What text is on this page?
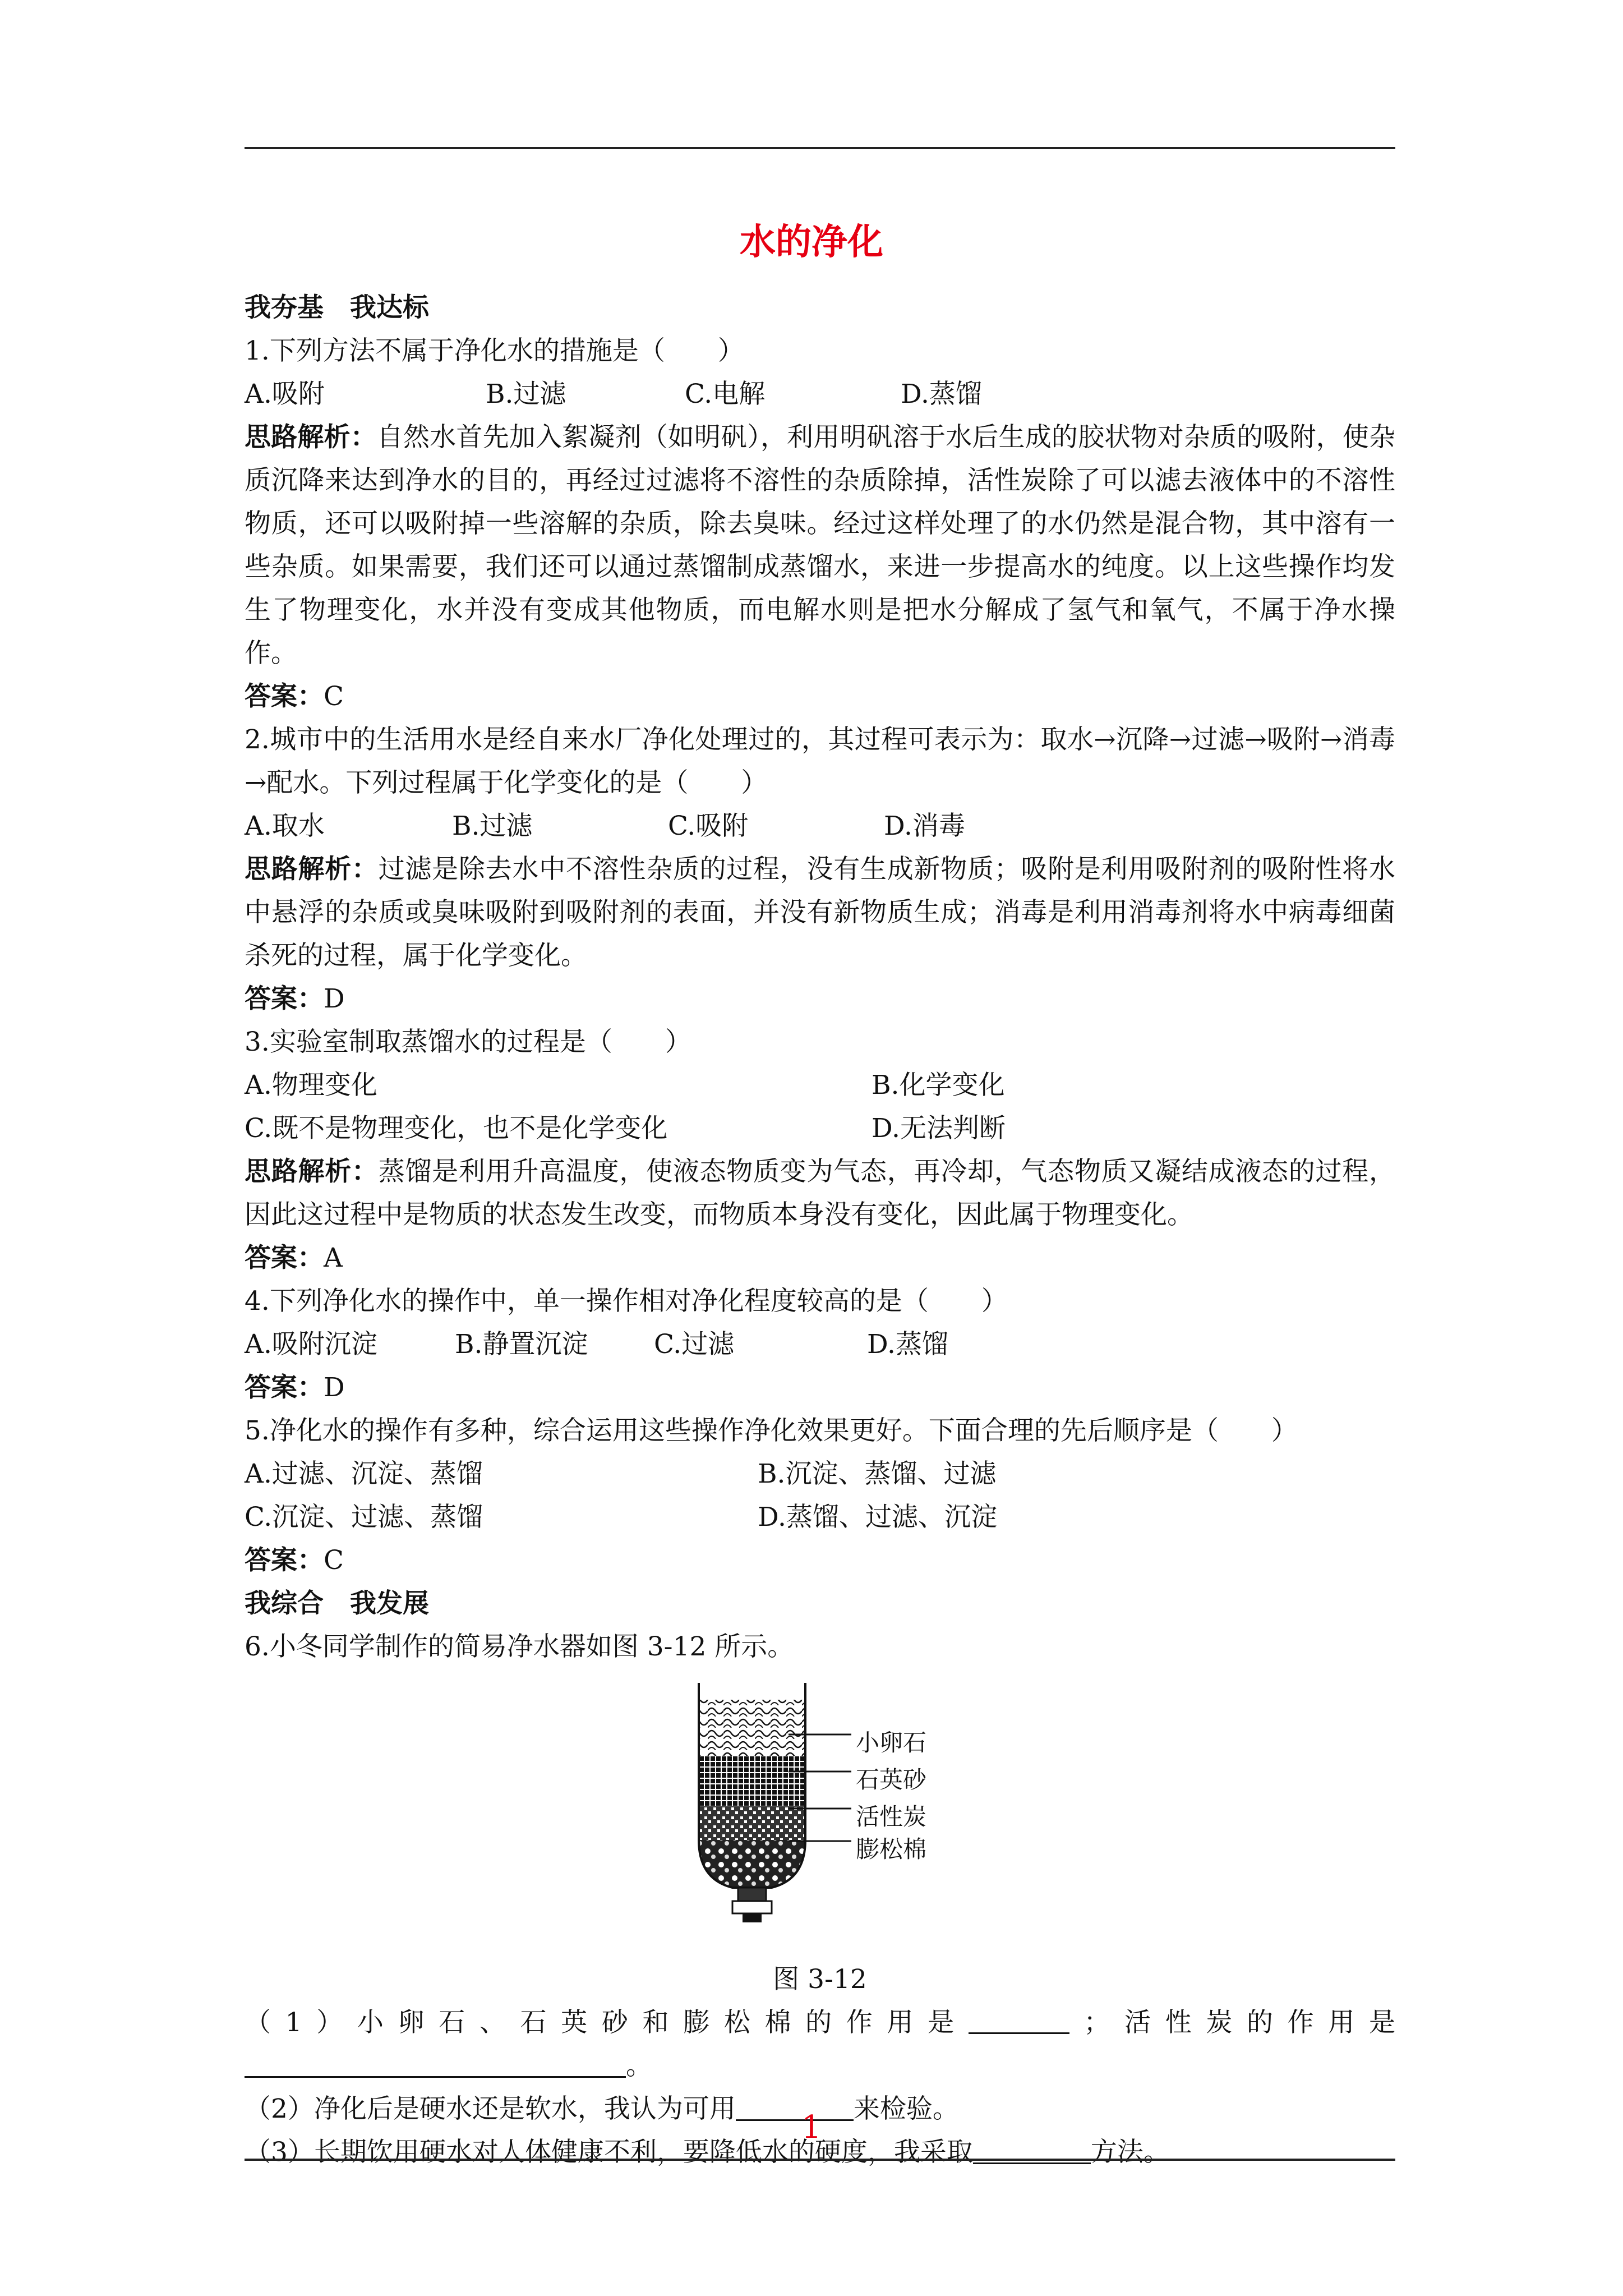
水的净化

我夯基　我达标

1.下列方法不属于净化水的措施是（　　）

A.吸附	B.过滤	C.电解	D.蒸馏

思路解析：自然水首先加入絮凝剂（如明矾），利用明矾溶于水后生成的胶状物对杂质的吸附，使杂质沉降来达到净水的目的，再经过过滤将不溶性的杂质除掉，活性炭除了可以滤去液体中的不溶性物质，还可以吸附掉一些溶解的杂质，除去臭味。经过这样处理了的水仍然是混合物，其中溶有一些杂质。如果需要，我们还可以通过蒸馏制成蒸馏水，来进一步提高水的纯度。以上这些操作均发生了物理变化，水并没有变成其他物质，而电解水则是把水分解成了氢气和氧气，不属于净水操作。

答案：C

2.城市中的生活用水是经自来水厂净化处理过的，其过程可表示为：取水→沉降→过滤→吸附→消毒→配水。下列过程属于化学变化的是（　　）

A.取水	B.过滤	C.吸附	D.消毒

思路解析：过滤是除去水中不溶性杂质的过程，没有生成新物质；吸附是利用吸附剂的吸附性将水中悬浮的杂质或臭味吸附到吸附剂的表面，并没有新物质生成；消毒是利用消毒剂将水中病毒细菌杀死的过程，属于化学变化。

答案：D

3.实验室制取蒸馏水的过程是（　　）

A.物理变化	B.化学变化
C.既不是物理变化，也不是化学变化	D.无法判断

思路解析：蒸馏是利用升高温度，使液态物质变为气态，再冷却，气态物质又凝结成液态的过程，因此这过程中是物质的状态发生改变，而物质本身没有变化，因此属于物理变化。

答案：A

4.下列净化水的操作中，单一操作相对净化程度较高的是（　　）

A.吸附沉淀	B.静置沉淀	C.过滤	D.蒸馏

答案：D

5.净化水的操作有多种，综合运用这些操作净化效果更好。下面合理的先后顺序是（　　）

A.过滤、沉淀、蒸馏	B.沉淀、蒸馏、过滤
C.沉淀、过滤、蒸馏	D.蒸馏、过滤、沉淀

答案：C

我综合　我发展

6.小冬同学制作的简易净水器如图 3-12 所示。

小卵石
石英砂
活性炭
膨松棉

图 3-12

（ 1 ） 小 卵 石 、 石 英 砂 和 膨 松 棉 的 作 用 是	； 活 性 炭 的 作 用 是

。

（2）净化后是硬水还是软水，我认为可用	来检验。

（3）长期饮用硬水对人体健康不利，要降低水的硬度，我采取	方法。

1
